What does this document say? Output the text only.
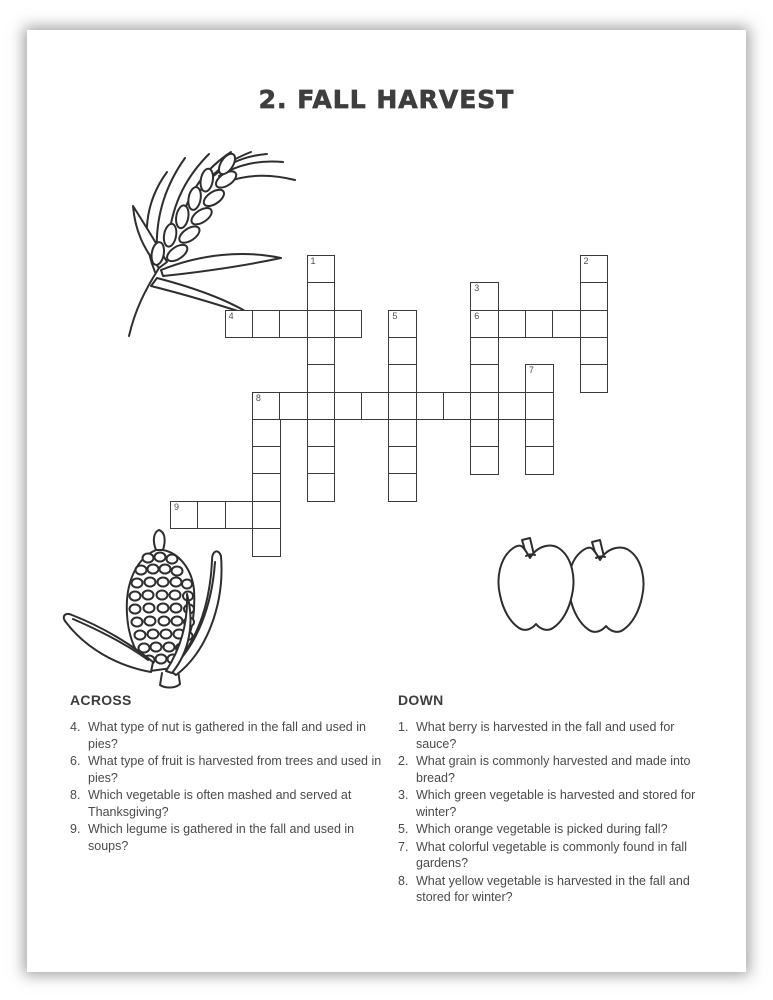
2. FALL HARVEST
1	2
3
4	5	6
7
8
9
ACROSS
4. What type of nut is gathered in the fall and used in pies?
6. What type of fruit is harvested from trees and used in pies?
8. Which vegetable is often mashed and served at Thanksgiving?
9. Which legume is gathered in the fall and used in soups?
DOWN
1. What berry is harvested in the fall and used for sauce?
2. What grain is commonly harvested and made into bread?
3. Which green vegetable is harvested and stored for winter?
5. Which orange vegetable is picked during fall?
7. What colorful vegetable is commonly found in fall gardens?
8. What yellow vegetable is harvested in the fall and stored for winter?
